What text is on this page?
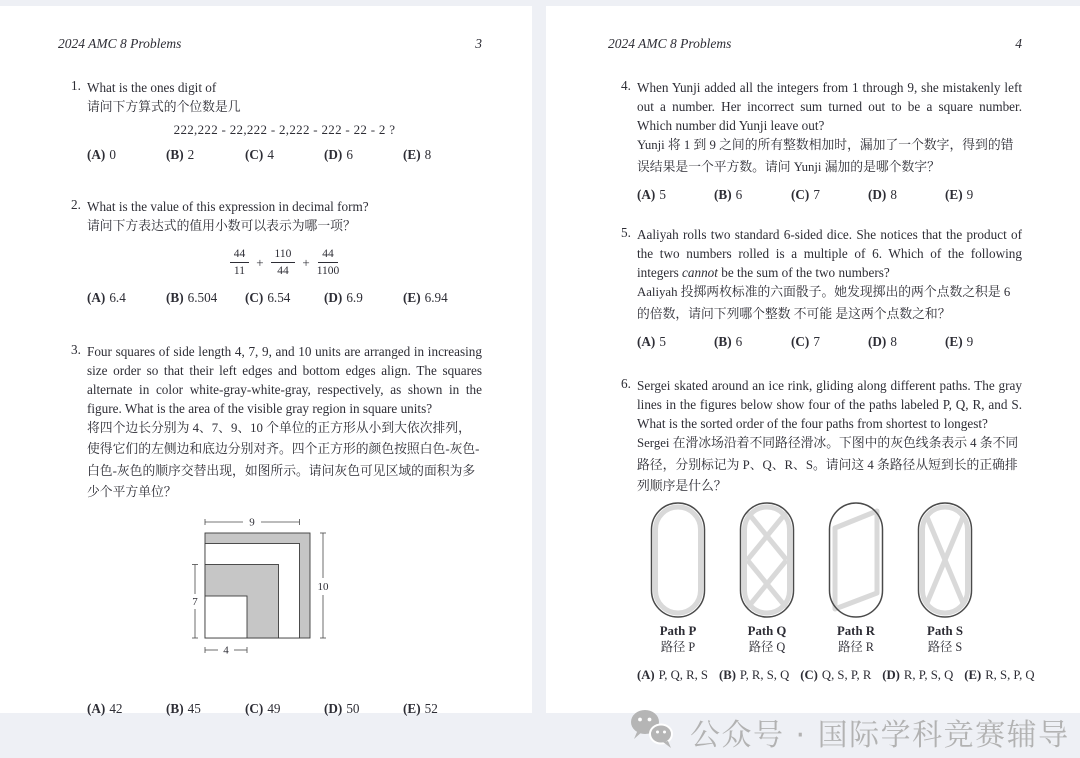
2024 AMC 8 Problems	3
1. What is the ones digit of
请问下方算式的个位数是几
222,222 - 22,222 - 2,222 - 222 - 22 - 2 ?
(A) 0	(B) 2	(C) 4	(D) 6	(E) 8
2. What is the value of this expression in decimal form?
请问下方表达式的值用小数可以表示为哪一项？
44
11
+ $\frac{110}{44} + \frac{44}{1100}$
(A) 6.4	(B) 6.504	(C) 6.54	(D) 6.9	(E) 6.94
3. Four squares of side length 4, 7, 9, and 10 units are arranged in increasing size order so that their left edges and bottom edges align. The squares alternate in color white-gray-white-gray, respectively, as shown in the figure. What is the area of the visible gray region in square units?
将四个边长分别为 4、7、9、10 个单位的正方形从小到大依次排列，使得它们的左侧边和底边分别对齐。四个正方形的颜色按照白色-灰色-白色-灰色的顺序交替出现，如图所示。请问灰色可见区域的面积为多少个平方单位？
9
10
7
4
(A) 42	(B) 45	(C) 49	(D) 50	(E) 52
2024 AMC 8 Problems	4
4. When Yunji added all the integers from 1 through 9, she mistakenly left out a number. Her incorrect sum turned out to be a square number. Which number did Yunji leave out?
Yunji 将 1 到 9 之间的所有整数相加时，漏加了一个数字，得到的错误结果是一个平方数。请问 Yunji 漏加的是哪个数字？
(A) 5	(B) 6	(C) 7	(D) 8	(E) 9
5. Aaliyah rolls two standard 6-sided dice. She notices that the product of the two numbers rolled is a multiple of 6. Which of the following integers cannot be the sum of the two numbers?
Aaliyah 投掷两枚标准的六面骰子。她发现掷出的两个点数之积是 6 的倍数，请问下列哪个整数 不可能 是这两个点数之和？
(A) 5	(B) 6	(C) 7	(D) 8	(E) 9
6. Sergei skated around an ice rink, gliding along different paths. The gray lines in the figures below show four of the paths labeled P, Q, R, and S. What is the sorted order of the four paths from shortest to longest?
Sergei 在滑冰场沿着不同路径滑冰。下图中的灰色线条表示 4 条不同路径，分别标记为 P、Q、R、S。请问这 4 条路径从短到长的正确排列顺序是什么？
Path P
路径 P
Path Q
路径 Q
Path R
路径 R
Path S
路径 S
(A) P, Q, R, S (B) P, R, S, Q (C) Q, S, P, R (D) R, P, S, Q (E) R, S, P, Q
公众号 · 国际学科竞赛辅导
